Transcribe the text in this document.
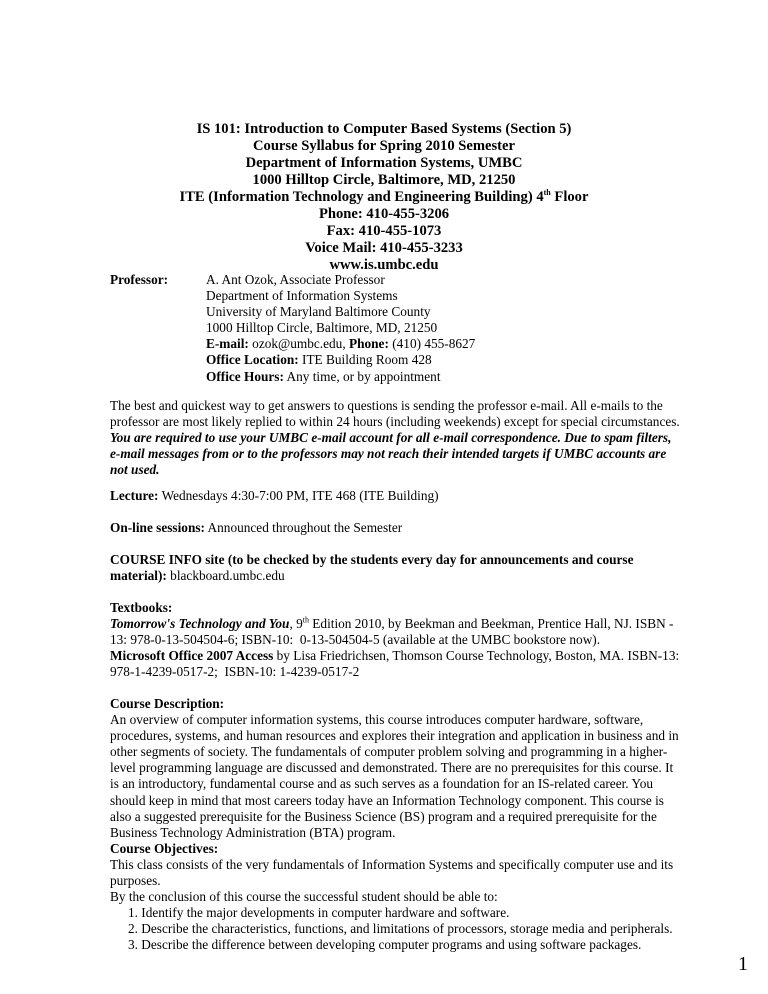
IS 101: Introduction to Computer Based Systems (Section 5)
Course Syllabus for Spring 2010 Semester
Department of Information Systems, UMBC
1000 Hilltop Circle, Baltimore, MD, 21250
ITE (Information Technology and Engineering Building) 4th Floor
Phone: 410-455-3206
Fax: 410-455-1073
Voice Mail: 410-455-3233
www.is.umbc.edu
Professor:	A. Ant Ozok, Associate Professor
Department of Information Systems
University of Maryland Baltimore County
1000 Hilltop Circle, Baltimore, MD, 21250
E-mail: ozok@umbc.edu, Phone: (410) 455-8627
Office Location: ITE Building Room 428
Office Hours: Any time, or by appointment
The best and quickest way to get answers to questions is sending the professor e-mail. All e-mails to the
professor are most likely replied to within 24 hours (including weekends) except for special circumstances.
You are required to use your UMBC e-mail account for all e-mail correspondence. Due to spam filters,
e-mail messages from or to the professors may not reach their intended targets if UMBC accounts are
not used.
Lecture: Wednesdays 4:30-7:00 PM, ITE 468 (ITE Building)
On-line sessions: Announced throughout the Semester
COURSE INFO site (to be checked by the students every day for announcements and course
material): blackboard.umbc.edu
Textbooks:
Tomorrow's Technology and You, 9th Edition 2010, by Beekman and Beekman, Prentice Hall, NJ. ISBN -
13: 978-0-13-504504-6; ISBN-10:  0-13-504504-5 (available at the UMBC bookstore now).
Microsoft Office 2007 Access by Lisa Friedrichsen, Thomson Course Technology, Boston, MA. ISBN-13:
978-1-4239-0517-2;  ISBN-10: 1-4239-0517-2
Course Description:
An overview of computer information systems, this course introduces computer hardware, software,
procedures, systems, and human resources and explores their integration and application in business and in
other segments of society. The fundamentals of computer problem solving and programming in a higher-
level programming language are discussed and demonstrated. There are no prerequisites for this course. It
is an introductory, fundamental course and as such serves as a foundation for an IS-related career. You
should keep in mind that most careers today have an Information Technology component. This course is
also a suggested prerequisite for the Business Science (BS) program and a required prerequisite for the
Business Technology Administration (BTA) program.
Course Objectives:
This class consists of the very fundamentals of Information Systems and specifically computer use and its
purposes.
By the conclusion of this course the successful student should be able to:
1. Identify the major developments in computer hardware and software.
2. Describe the characteristics, functions, and limitations of processors, storage media and peripherals.
3. Describe the difference between developing computer programs and using software packages.
1
